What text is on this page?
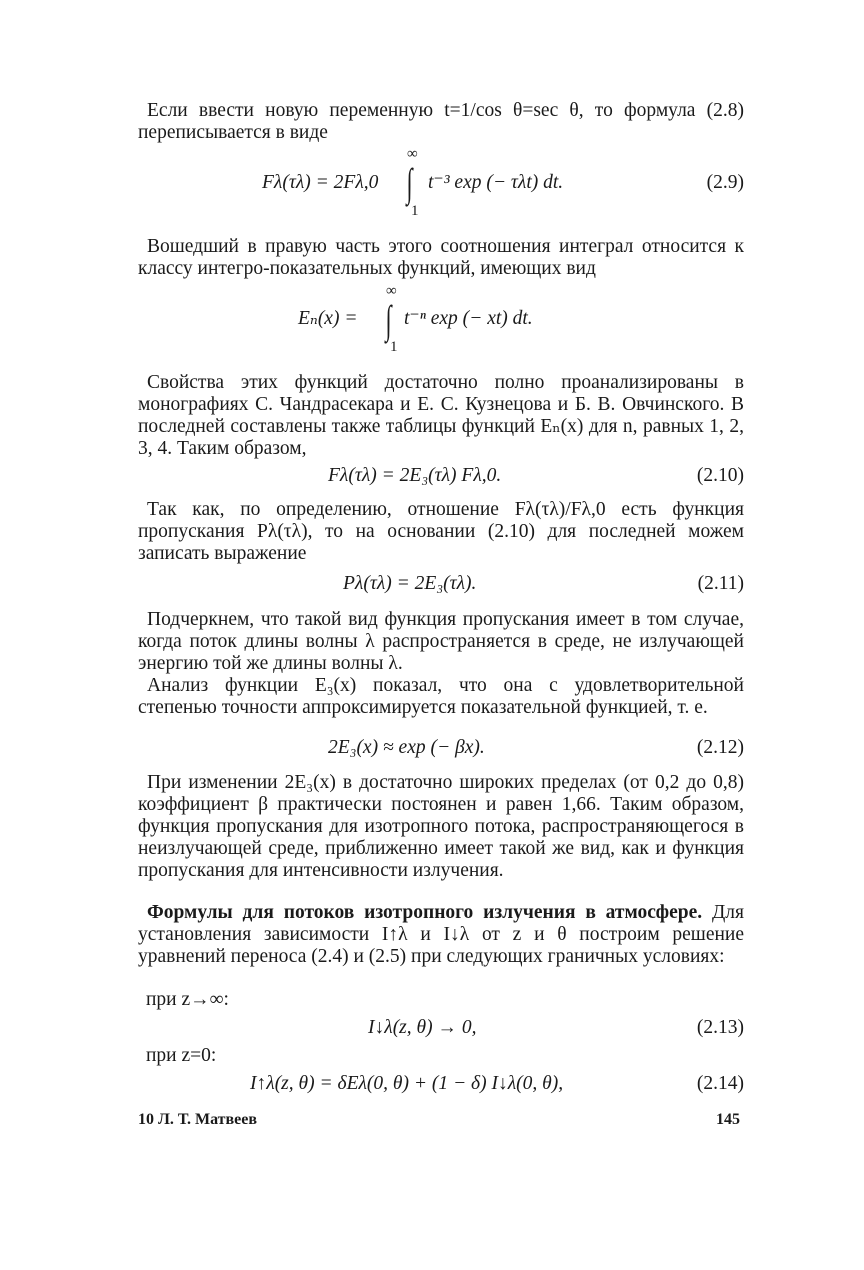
Если ввести новую переменную t=1/cos θ=sec θ, то формула (2.8) переписывается в виде

Fλ(τλ) = 2Fλ,0
∞
∫
1
t⁻³ exp (− τλt) dt.	(2.9)

Вошедший в правую часть этого соотношения интеграл относится к классу интегро-показательных функций, имеющих вид

Eₙ(x) =
∞
∫
1
t⁻ⁿ exp (− xt) dt.

Свойства этих функций достаточно полно проанализированы в монографиях С. Чандрасекара и Е. С. Кузнецова и Б. В. Овчинского. В последней составлены также таблицы функций Eₙ(x) для n, равных 1, 2, 3, 4. Таким образом,

Fλ(τλ) = 2E₃(τλ) Fλ,0.	(2.10)

Так как, по определению, отношение Fλ(τλ)/Fλ,0 есть функция пропускания Pλ(τλ), то на основании (2.10) для последней можем записать выражение

Pλ(τλ) = 2E₃(τλ).	(2.11)

Подчеркнем, что такой вид функция пропускания имеет в том случае, когда поток длины волны λ распространяется в среде, не излучающей энергию той же длины волны λ.

Анализ функции E₃(x) показал, что она с удовлетворительной степенью точности аппроксимируется показательной функцией, т. е.

2E₃(x) ≈ exp (− βx).	(2.12)

При изменении 2E₃(x) в достаточно широких пределах (от 0,2 до 0,8) коэффициент β практически постоянен и равен 1,66. Таким образом, функция пропускания для изотропного потока, распространяющегося в неизлучающей среде, приближенно имеет такой же вид, как и функция пропускания для интенсивности излучения.

Формулы для потоков изотропного излучения в атмосфере. Для установления зависимости I↑λ и I↓λ от z и θ построим решение уравнений переноса (2.4) и (2.5) при следующих граничных условиях:

при z→∞:
I↓λ(z, θ) → 0,	(2.13)
при z=0:
I↑λ(z, θ) = δEλ(0, θ) + (1 − δ) I↓λ(0, θ),	(2.14)
10 Л. Т. Матвеев	145
